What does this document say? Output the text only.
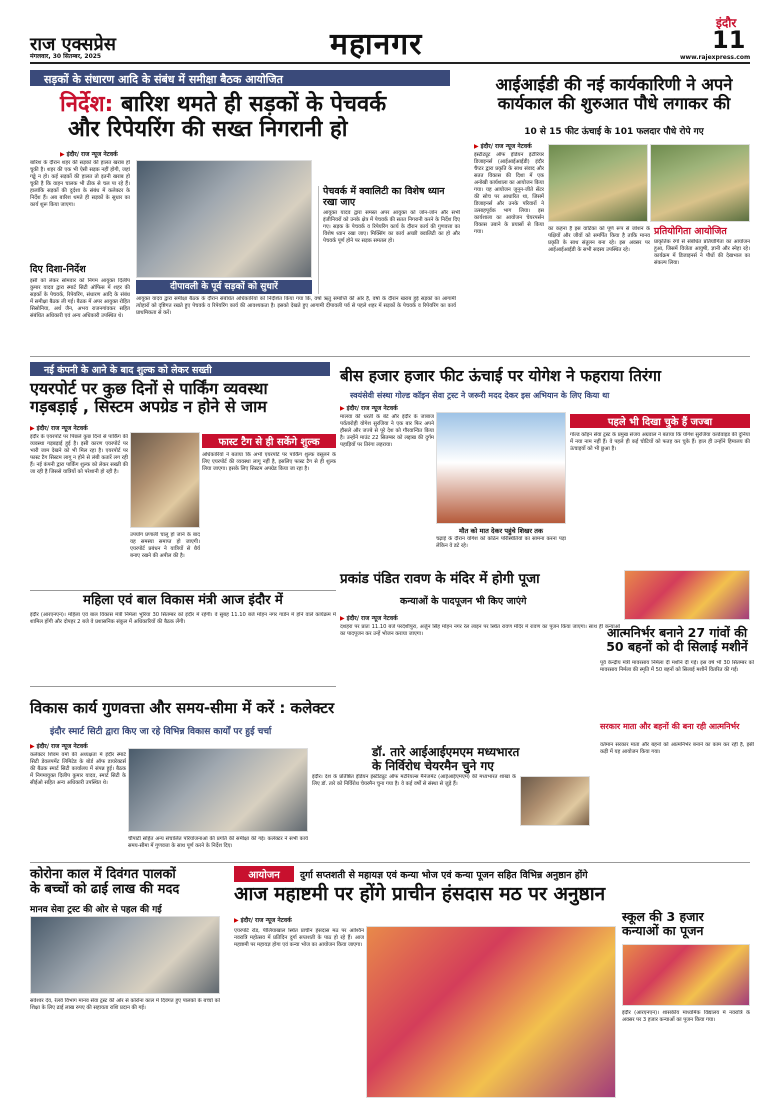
राज एक्सप्रेस
मंगलवार, 30 सितम्बर, 2025	महानगर
इंदौर
11
www.rajexpress.com
सड़कों के संधारण आदि के संबंध में समीक्षा बैठक आयोजित
निर्देश: बारिश थमते ही सड़कों के पेचवर्क
और रिपेयरिंग की सख्त निगरानी हो
▶ इंदौर/ राज न्यूज नेटवर्क
बारिश के दौरान शहर की सड़कों की हालत खराब हो चुकी है। शहर की एक भी ऐसी सड़क नहीं होगी, जहां गड्ढे न हो। कई सड़कों की हालत तो इतनी खराब हो चुकी है कि वाहन चालक भी ठीक से चल पा रहे हैं। हालांकि सड़कों की दुर्दशा के संबंध में कलेक्टर के निर्देश हैं। अब बारिश थमते ही सड़कों के सुधार का कार्य शुरू किया जाएगा।
दिए दिशा-निर्देश
इसी को लेकर सोमवार को निगम आयुक्त दिलीप कुमार यादव द्वारा स्मार्ट सिटी ऑफिस में शहर की सड़कों के पेचवर्क, रिपेयरिंग, संधारण आदि के संबंध में समीक्षा बैठक ली गई। बैठक में अपर आयुक्त रोहित सिसोनिया, अर्थ जैन, अभय राजनगांवकर सहित संबंधित अधिकारी एवं अन्य अधिकारी उपस्थित थे।
दीपावली के पूर्व सड़कों को सुधारें
आयुक्त यादव द्वारा समीक्षा बैठक के दौरान संबंधित अधिकारियों को निर्देशित किया गया कि, वर्षा ऋतु समाप्ति की ओर है, वर्षा के दौरान खराब हुई सड़कों का आगामी त्योहारों को दृष्टिगत रखते हुए पेचवर्क व रिपेयरिंग कार्य की आवश्यकता है। इसको देखते हुए आगामी दीपावली पर्व से पहले शहर में सड़कों के पेचवर्क व रिपेयरिंग का कार्य प्राथमिकता से करें।
पेचवर्क में क्वालिटी का विशेष ध्यान रखा जाए
आयुक्त यादव द्वारा समस्त अपर आयुक्त को जोन-जोन और सभी इंजीनियरों को उनके क्षेत्र में पेचवर्क की सतत निगरानी करने के निर्देश दिए गए। सड़क के पेचवर्क व रिपेयरिंग कार्य के दौरान कार्य की गुणवत्ता का विशेष ध्यान रखा जाए। मिक्सिंग का कार्य अच्छी क्वालिटी का हो और पेचवर्क पूर्ण होने पर सड़क समतल हो।
आईआईडी की नई कार्यकारिणी ने अपने
कार्यकाल की शुरुआत पौधे लगाकर की
10 से 15 फीट ऊंचाई के 101 फलदार पौधे रोपे गए
▶ इंदौर/ राज न्यूज नेटवर्क
इंस्टीट्यूट ऑफ इंडियन इंटीरियर डिजाइनर्स (आईआईआईडी) इंदौर चैप्टर द्वारा प्रकृति के साथ संवाद और सतत विकास की दिशा में एक अनोखी कार्यशाला का आयोजन किया गया। यह आयोजन जुनून-जीते सेंटर की सोच पर आधारित था, जिसमें डिजाइनर्स और उनके परिवारों ने उत्साहपूर्वक भाग लिया। इस कार्यशाला का आयोजन चेयरपर्सन विकास उबाने के प्रयासों से किया गया।	का कहना है इस वाटिका को पूर्ण रूप से जोशन के पक्षियों और जीवों को समर्पित किया है ताकि मानव प्रकृति के साथ संतुलन बना रहे। इस अवसर पर आईआईआईडी के सभी सदस्य उपस्थित रहे।
प्रतियोगिता आयोजित
प्राकृतिक रंगों से संबंधित प्रतियोगिता का आयोजन हुआ, जिसमें विजेता आयुषी, ज्ञानी और स्नेहा रहे। कार्यक्रम में डिजाइनर्स ने पौधों की देखभाल का संकल्प लिया।
नई कंपनी के आने के बाद शुल्क को लेकर सख्ती
एयरपोर्ट पर कुछ दिनों से पार्किंग व्यवस्था
गड़बड़ाई , सिस्टम अपग्रेड न होने से जाम
▶ इंदौर/ राज न्यूज नेटवर्क
इंदौर के एयरपोर्ट पर पिछले कुछ दिनों से पार्किंग की व्यवस्था गड़बड़ाई हुई है। इसी कारण एयरपोर्ट पर भारी जाम देखने को भी मिल रहा है। एयरपोर्ट पर फास्ट टैग सिस्टम लागू न होने से लंबी कतारें लग रही हैं। नई कंपनी द्वारा पार्किंग शुल्क को लेकर सख्ती की जा रही है जिससे यात्रियों को परेशानी हो रही है।
फास्ट टैग से ही सकेंगे शुल्क
अधिकारियों ने बताया कि अभी एयरपोर्ट पर पार्किंग शुल्क वसूलने के लिए एयरपोर्ट की व्यवस्था लागू नहीं है, इसलिए फास्ट टैग से ही शुल्क लिया जाएगा। इसके लिए सिस्टम अपग्रेड किया जा रहा है।
उपयोग प्रणाली चालू हो जाने के बाद यह समस्या समाप्त हो जाएगी। एयरपोर्ट प्रबंधन ने यात्रियों से धैर्य बनाए रखने की अपील की है।
महिला एवं बाल विकास मंत्री आज इंदौर में
इंदौर (आरएनएन)। महिला एवं बाल विकास मंत्री निर्मला भूरिया 30 सितम्बर को इंदौर में रहेंगी। वे सुबह 11.10 बजे मोहन नगर गार्डन में होने वाले कार्यक्रम में शामिल होंगी और दोपहर 2 बजे वे प्रशासनिक संकुल में अधिकारियों की बैठक लेंगी।
बीस हजार हजार फीट ऊंचाई पर योगेश ने फहराया तिरंगा
स्वयंसेवी संस्था गोल्ड कॉइन सेवा ट्रस्ट ने जरूरी मदद देकर इस अभियान के लिए किया था
▶ इंदौर/ राज न्यूज नेटवर्क
मालवा की धरती के बेटे और इंदौर के जाबाज पर्वतारोही योगेश सुरजिया ने एक बार फिर अपने हौसले और जज्बे से पूरे देश को गौरवान्वित किया है। उन्होंने माउंट 22 सितम्बर को लद्दाख की दुर्गम पहाड़ियों पर तिरंगा लहराया।
मौत को मात देकर पहुंचे शिखर तक
चढ़ाई के दौरान योगेश को कठिन परिस्थितियों का सामना करना पड़ा लेकिन वे डटे रहे।
पहले भी दिखा चुके हैं जज्बा
गोल्ड कॉइन सेवा ट्रस्ट के प्रमुख संजय अग्रवाल ने बताया कि योगेश सुरजिया वर्ल्डवाइड की दुनिया में नया नाम नहीं हैं। वे पहले ही कई चोटियों को फतह कर चुके हैं। हाल ही उन्होंने हिमालय की ऊंचाइयों को भी छुआ है।
प्रकांड पंडित रावण के मंदिर में होगी पूजा
कन्याओं के पादपूजन भी किए जाएंगे
▶ इंदौर/ राज न्यूज नेटवर्क
दशहरा पर प्रातः 11.10 बजे परदेशीपुरा, अर्जुन सिंह मोहन नगर रेल लाइन पर स्थित रावण मंदिर में रावण का पूजन किया जाएगा। साथ ही कन्याओं का पादपूजन कर उन्हें भोजन कराया जाएगा।	आत्मनिर्भर बनाने 27 गांवों की
50 बहनों को दी सिलाई मशीनें
पूर्व केन्द्रीय मंत्री मावरसाय निर्मला दी मशीनें दी गईं। इस वर्ष भी 30 सितम्बर को मावरसाय निर्मला की स्मृति में 50 बहनों को सिलाई मशीनें वितरित की गईं।
सरकार माता और बहनों की बना रही आत्मनिर्भर
वर्तमान सरकार माता और बहनों को आत्मनिर्भर बनाने का काम कर रही है, इसी कड़ी में यह आयोजन किया गया।
विकास कार्य गुणवत्ता और समय-सीमा में करें : कलेक्टर
इंदौर स्मार्ट सिटी द्वारा किए जा रहे विभिन्न विकास कार्यों पर हुई चर्चा
▶ इंदौर/ राज न्यूज नेटवर्क
कलेक्टर शिवम वर्मा की अध्यक्षता में इंदौर स्मार्ट सिटी डेवलपमेंट लिमिटेड के बोर्ड ऑफ डायरेक्टर्स की बैठक स्मार्ट सिटी कार्यालय में संपन्न हुई। बैठक में निगमायुक्त दिलीप कुमार यादव, स्मार्ट सिटी के सीईओ सहित अन्य अधिकारी उपस्थित थे।
चौपाटी सहित अन्य संचालित परियोजनाओं की प्रगति की समीक्षा की गई। कलेक्टर ने सभी कार्य समय-सीमा में गुणवत्ता के साथ पूर्ण करने के निर्देश दिए।
डॉ. तारे आईआईएमएम मध्यभारत
के निर्विरोध चेयरमैन चुने गए
इंदौर। देश के प्रतिष्ठित इंडियन इंस्टीट्यूट ऑफ मटेरियल्स मैनेजमेंट (आईआईएमएम) की मध्यभारत शाखा के लिए डॉ. तारे को निर्विरोध चेयरमैन चुना गया है। वे कई वर्षों से संस्था से जुड़े हैं।
कोरोना काल में दिवंगत पालकों
के बच्चों को ढाई लाख की मदद
मानव सेवा ट्रस्ट की ओर से पहल की गई
सर्वेश्वर देव, रेलवे विभाग मानव सेवा ट्रस्ट की ओर से कोरोना काल में दिवंगत हुए पालकों के बच्चों को शिक्षा के लिए ढाई लाख रुपए की सहायता राशि प्रदान की गई।
आयोजन	दुर्गा सप्तशती से महायज्ञ एवं कन्या भोज एवं कन्या पूजन सहित विभिन्न अनुष्ठान होंगे
आज महाष्टमी पर होंगे प्राचीन हंसदास मठ पर अनुष्ठान
▶ इंदौर/ राज न्यूज नेटवर्क
एयरपोर्ट रोड, पीलियाखाल स्थित प्राचीन हंसदास मठ पर आश्विन नवरात्रि महोत्सव में प्रतिदिन दुर्गा सप्तशती के पाठ हो रहे हैं। आज महाष्टमी पर महायज्ञ होगा एवं कन्या भोज का आयोजन किया जाएगा।
स्कूल की 3 हजार
कन्याओं का पूजन
इंदौर (आरएनएन)। शासकीय माध्यमिक विद्यालय में नवरात्रि के अवसर पर 3 हजार कन्याओं का पूजन किया गया।
